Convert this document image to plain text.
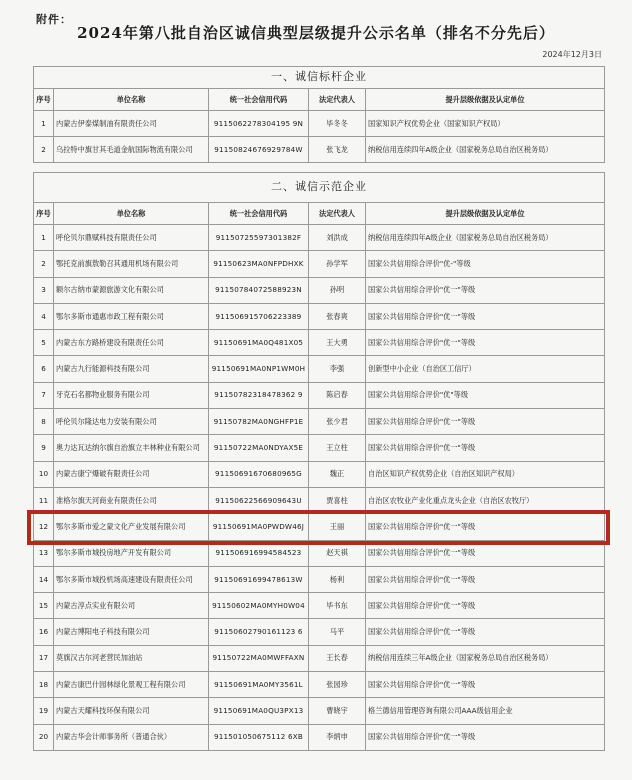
附件：
2024年第八批自治区诚信典型层级提升公示名单（排名不分先后）
2024年12月3日
一、诚信标杆企业				
序号	单位名称	统一社会信用代码	法定代表人	提升层级依据及认定单位
1	内蒙古伊泰煤制油有限责任公司	9115062278304195 9N	毕冬冬	国家知识产权优势企业（国家知识产权局）
2	乌拉特中旗甘其毛道金航国际物流有限公司	91150824676929784W	张飞龙	纳税信用连续四年A级企业（国家税务总局自治区税务局）
二、诚信示范企业				
序号	单位名称	统一社会信用代码	法定代表人	提升层级依据及认定单位
1	呼伦贝尔鼎赋科技有限责任公司	91150725597301382F	刘洪成	纳税信用连续四年A级企业（国家税务总局自治区税务局）
2	鄂托克前旗敖勒召其通用机场有限公司	91150623MA0NFPDHXK	孙学军	国家公共信用综合评价"优-"等级
3	额尔古纳市蒙源旅游文化有限公司	91150784072588923N	孙明	国家公共信用综合评价"优一"等级
4	鄂尔多斯市通惠市政工程有限公司	911506915706223389	张春爽	国家公共信用综合评价"优一"等级
5	内蒙古东方路桥建设有限责任公司	91150691MA0Q481X05	王大勇	国家公共信用综合评价"优一"等级
6	内蒙古九行能源科技有限公司	91150691MA0NP1WM0H	李强	创新型中小企业（自治区工信厅）
7	牙克石名都物业服务有限公司	91150782318478362 9	陈启春	国家公共信用综合评价"优"等级
8	呼伦贝尔隆达电力安装有限公司	91150782MA0NGHFP1E	张少君	国家公共信用综合评价"优一"等级
9	奥力达瓦达纳尔旗自治旗立丰林种业有限公司	91150722MA0NDYAX5E	王立柱	国家公共信用综合评价"优一"等级
10	内蒙古康宁爆破有限责任公司	91150691670680965G	魏正	自治区知识产权优势企业（自治区知识产权局）
11	准格尔旗天河商业有限责任公司	91150622566909643U	贾喜柱	自治区农牧业产业化重点龙头企业（自治区农牧厅）
12	鄂尔多斯市爱之蒙文化产业发展有限公司	91150691MA0PWDW46J	王丽	国家公共信用综合评价"优一"等级
13	鄂尔多斯市城投房地产开发有限公司	911506916994584523	赵天祺	国家公共信用综合评价"优一"等级
14	鄂尔多斯市城投机场高速建设有限责任公司	91150691699478613W	杨利	国家公共信用综合评价"优一"等级
15	内蒙古淳点实业有限公司	91150602MA0MYH0W04	毕书东	国家公共信用综合评价"优一"等级
16	内蒙古博阳电子科技有限公司	91150602790161123 6	马平	国家公共信用综合评价"优一"等级
17	莫旗汉古尔河老营民加油站	91150722MA0MWFFAXN	王长春	纳税信用连续三年A级企业（国家税务总局自治区税务局）
18	内蒙古康巴什园林绿化景观工程有限公司	91150691MA0MY3561L	张园珍	国家公共信用综合评价"优一"等级
19	内蒙古天耀科技环保有限公司	91150691MA0QU3PX13	曹晓宇	格兰德信用管理咨询有限公司AAA级信用企业
20	内蒙古华会计师事务所（普通合伙）	911501050675112 6XB	李炳申	国家公共信用综合评价"优一"等级
